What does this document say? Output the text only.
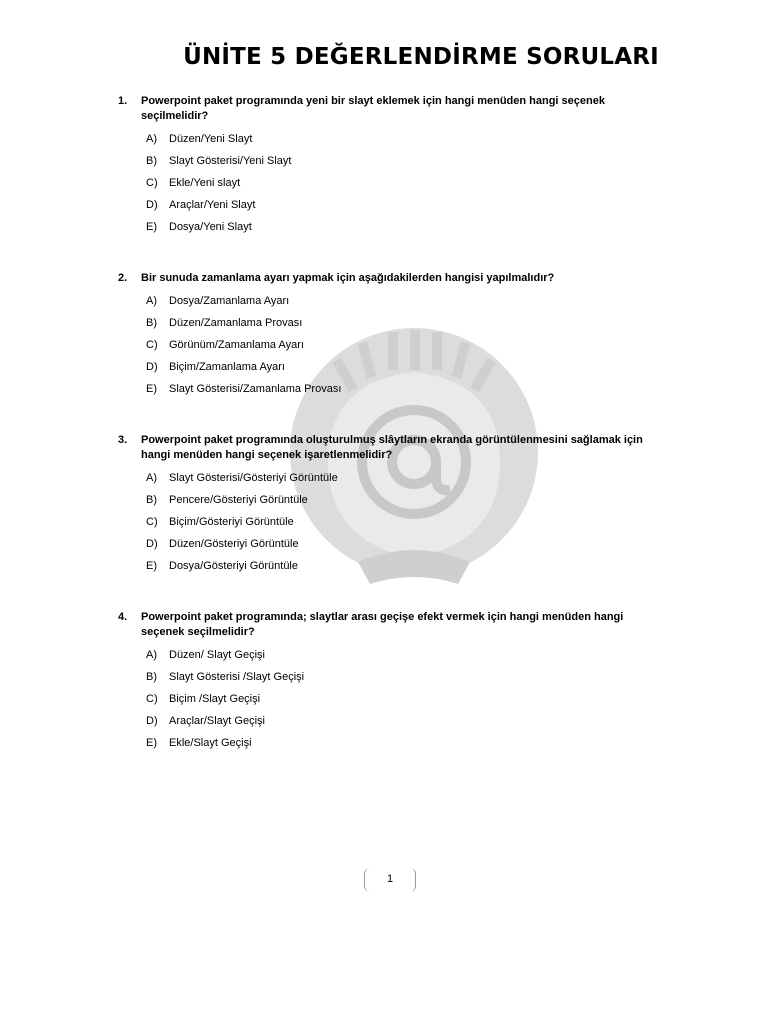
ÜNİTE 5 DEĞERLENDİRME SORULARI
1.	Powerpoint paket programında yeni bir slayt eklemek için hangi menüden hangi seçenek seçilmelidir?
A)	Düzen/Yeni Slayt
B)	Slayt Gösterisi/Yeni Slayt
C)	Ekle/Yeni slayt
D)	Araçlar/Yeni Slayt
E)	Dosya/Yeni Slayt
2.	Bir sunuda zamanlama ayarı yapmak için aşağıdakilerden hangisi yapılmalıdır?
A)	Dosya/Zamanlama Ayarı
B)	Düzen/Zamanlama Provası
C)	Görünüm/Zamanlama Ayarı
D)	Biçim/Zamanlama Ayarı
E)	Slayt Gösterisi/Zamanlama Provası
3.	Powerpoint paket programında oluşturulmuş slâytların ekranda görüntülenmesini sağlamak için hangi menüden hangi seçenek işaretlenmelidir?
A)	Slayt Gösterisi/Gösteriyi Görüntüle
B)	Pencere/Gösteriyi Görüntüle
C)	Biçim/Gösteriyi Görüntüle
D)	Düzen/Gösteriyi Görüntüle
E)	Dosya/Gösteriyi Görüntüle
4.	Powerpoint paket programında; slaytlar arası geçişe efekt vermek için hangi menüden hangi seçenek seçilmelidir?
A)	Düzen/ Slayt Geçişi
B)	Slayt Gösterisi /Slayt Geçişi
C)	Biçim /Slayt Geçişi
D)	Araçlar/Slayt Geçişi
E)	Ekle/Slayt Geçişi
1
